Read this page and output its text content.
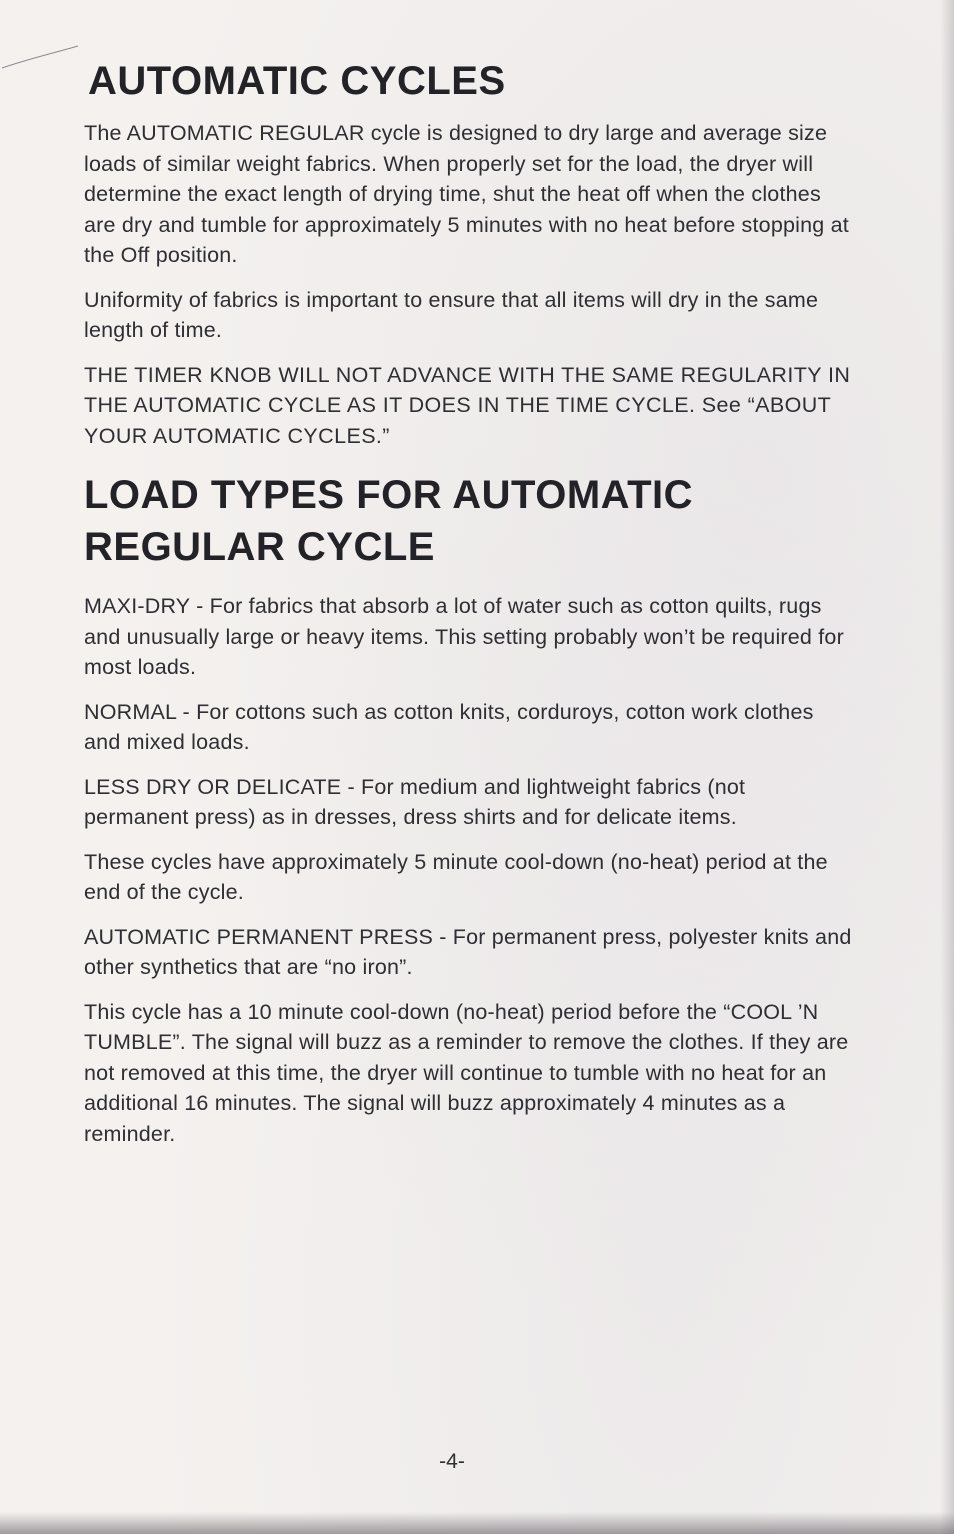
AUTOMATIC CYCLES

The AUTOMATIC REGULAR cycle is designed to dry large and average size loads of similar weight fabrics. When properly set for the load, the dryer will determine the exact length of drying time, shut the heat off when the clothes are dry and tumble for approximately 5 minutes with no heat before stopping at the Off position.

Uniformity of fabrics is important to ensure that all items will dry in the same length of time.

THE TIMER KNOB WILL NOT ADVANCE WITH THE SAME REGULARITY IN THE AUTOMATIC CYCLE AS IT DOES IN THE TIME CYCLE. See “ABOUT YOUR AUTOMATIC CYCLES.”

LOAD TYPES FOR AUTOMATIC REGULAR CYCLE

MAXI-DRY - For fabrics that absorb a lot of water such as cotton quilts, rugs and unusually large or heavy items. This setting probably won’t be required for most loads.

NORMAL - For cottons such as cotton knits, corduroys, cotton work clothes and mixed loads.

LESS DRY OR DELICATE - For medium and lightweight fabrics (not permanent press) as in dresses, dress shirts and for delicate items.

These cycles have approximately 5 minute cool-down (no-heat) period at the end of the cycle.

AUTOMATIC PERMANENT PRESS - For permanent press, polyester knits and other synthetics that are “no iron”.

This cycle has a 10 minute cool-down (no-heat) period before the “COOL ’N TUMBLE”. The signal will buzz as a reminder to remove the clothes. If they are not removed at this time, the dryer will continue to tumble with no heat for an additional 16 minutes. The signal will buzz approximately 4 minutes as a reminder.

-4-
